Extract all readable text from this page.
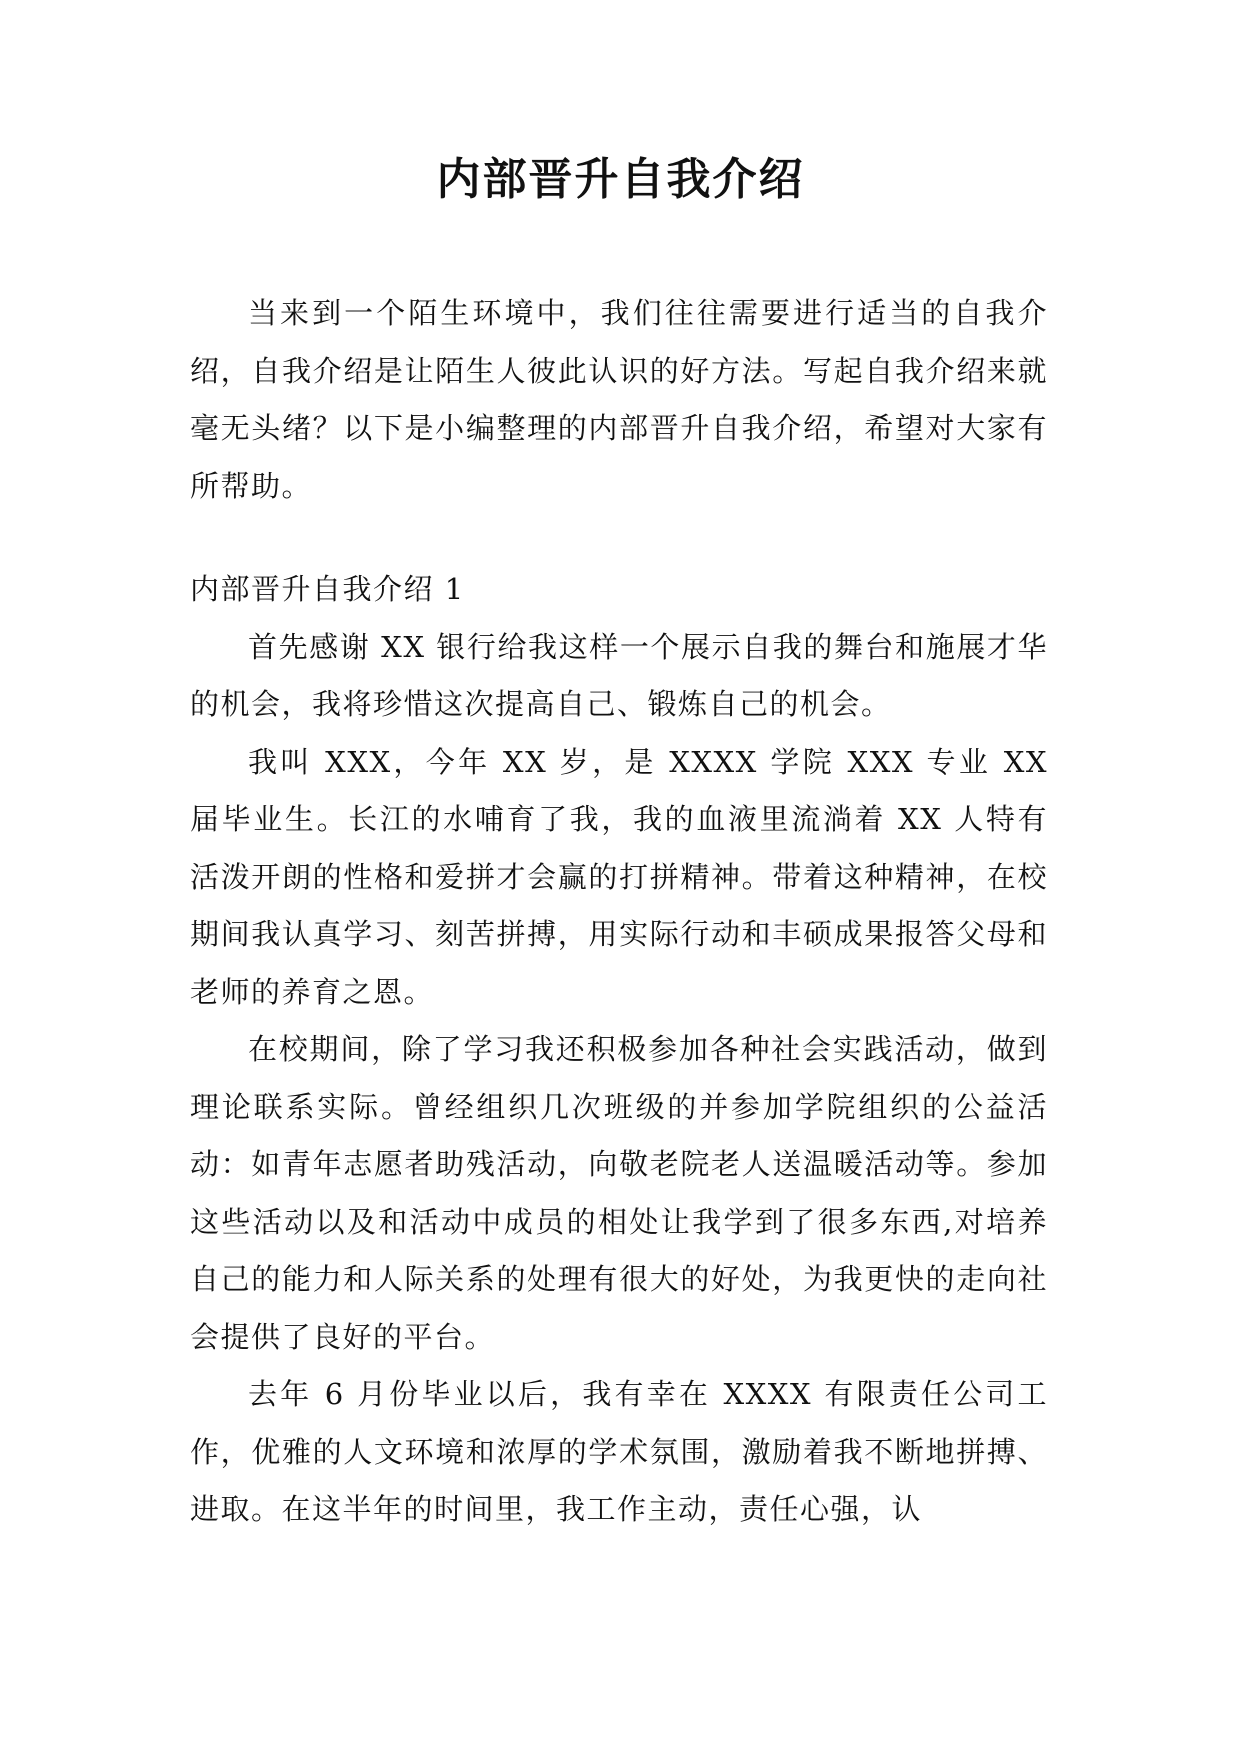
内部晋升自我介绍

当来到一个陌生环境中，我们往往需要进行适当的自我介绍，自我介绍是让陌生人彼此认识的好方法。写起自我介绍来就毫无头绪？以下是小编整理的内部晋升自我介绍，希望对大家有所帮助。

内部晋升自我介绍 1

首先感谢 XX 银行给我这样一个展示自我的舞台和施展才华的机会，我将珍惜这次提高自己、锻炼自己的机会。

我叫 XXX，今年 XX 岁，是 XXXX 学院 XXX 专业 XX 届毕业生。长江的水哺育了我，我的血液里流淌着 XX 人特有活泼开朗的性格和爱拼才会赢的打拼精神。带着这种精神，在校期间我认真学习、刻苦拼搏，用实际行动和丰硕成果报答父母和老师的养育之恩。

在校期间，除了学习我还积极参加各种社会实践活动，做到理论联系实际。曾经组织几次班级的并参加学院组织的公益活动：如青年志愿者助残活动，向敬老院老人送温暖活动等。参加这些活动以及和活动中成员的相处让我学到了很多东西,对培养自己的能力和人际关系的处理有很大的好处，为我更快的走向社会提供了良好的平台。

去年 6 月份毕业以后，我有幸在 XXXX 有限责任公司工作，优雅的人文环境和浓厚的学术氛围，激励着我不断地拼搏、进取。在这半年的时间里，我工作主动，责任心强，认
